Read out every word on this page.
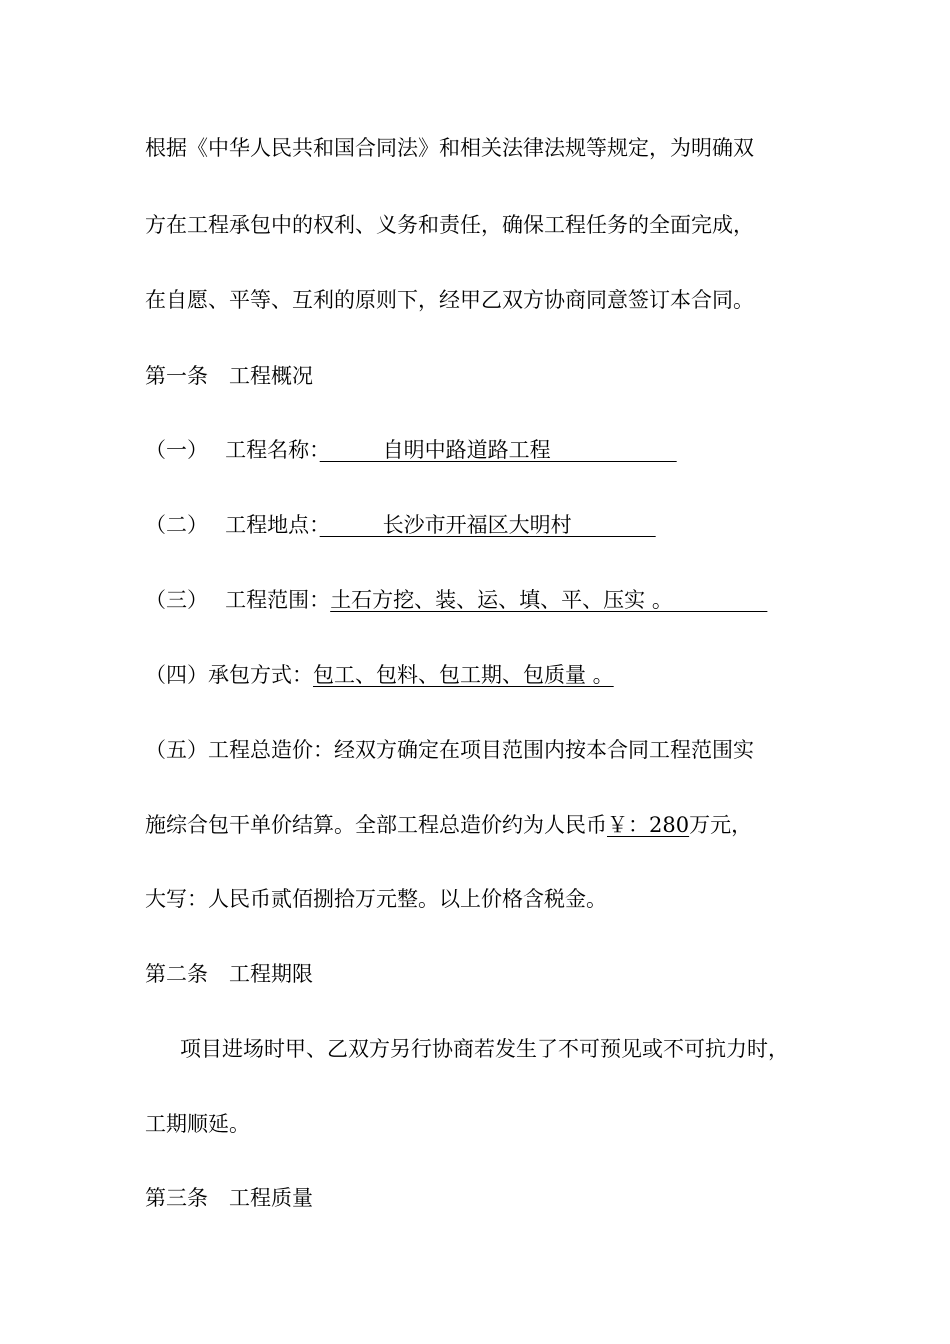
根据《中华人民共和国合同法》和相关法律法规等规定，为明确双
方在工程承包中的权利、义务和责任，确保工程任务的全面完成，
在自愿、平等、互利的原则下，经甲乙双方协商同意签订本合同。
第一条　工程概况
（一）　 工程名称：　　　自明中路道路工程　　　　　　
（二）　 工程地点：　　　长沙市开福区大明村　　　　
（三）　 工程范围：土石方挖、装、运、填、平、压实 。　　　　　
（四）承包方式：包工、包料、包工期、包质量 。
（五）工程总造价：经双方确定在项目范围内按本合同工程范围实
施综合包干单价结算。全部工程总造价约为人民币￥：280万元，
大写：人民币贰佰捌拾万元整。以上价格含税金。
第二条　工程期限
项目进场时甲、乙双方另行协商若发生了不可预见或不可抗力时，
工期顺延。
第三条　工程质量
